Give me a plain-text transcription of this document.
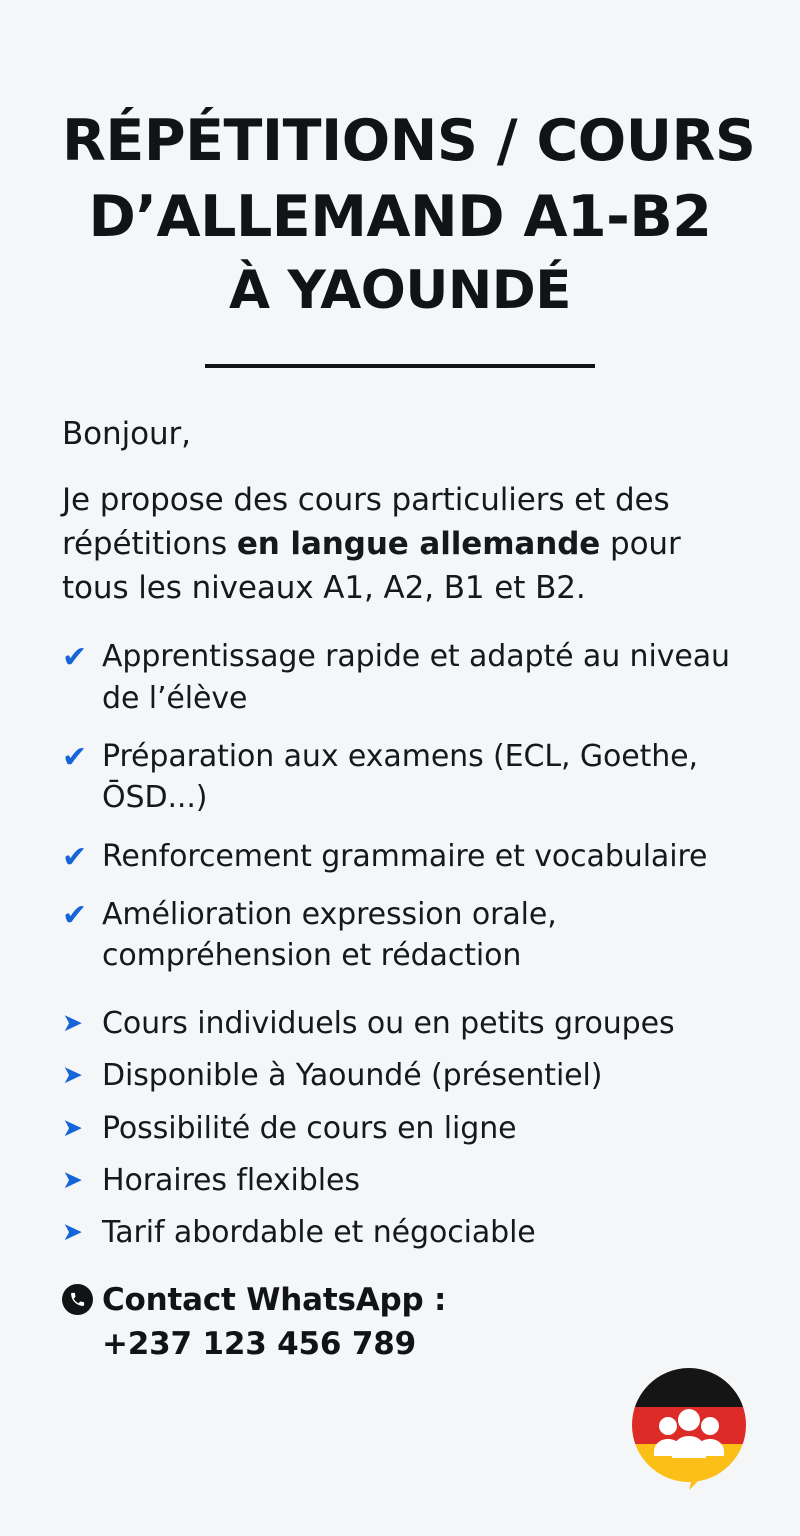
RÉPÉTITIONS / COURS
D’ALLEMAND A1-B2
À YAOUNDÉ

Bonjour,

Je propose des cours particuliers et des répétitions en langue allemande pour tous les niveaux A1, A2, B1 et B2.

✔ Apprentissage rapide et adapté au niveau de l’élève
✔ Préparation aux examens (ECL, Goethe, ŌSD...)
✔ Renforcement grammaire et vocabulaire
✔ Amélioration expression orale, compréhension et rédaction
➤ Cours individuels ou en petits groupes
➤ Disponible à Yaoundé (présentiel)
➤ Possibilité de cours en ligne
➤ Horaires flexibles
➤ Tarif abordable et négociable
Contact WhatsApp :
+237 123 456 789
